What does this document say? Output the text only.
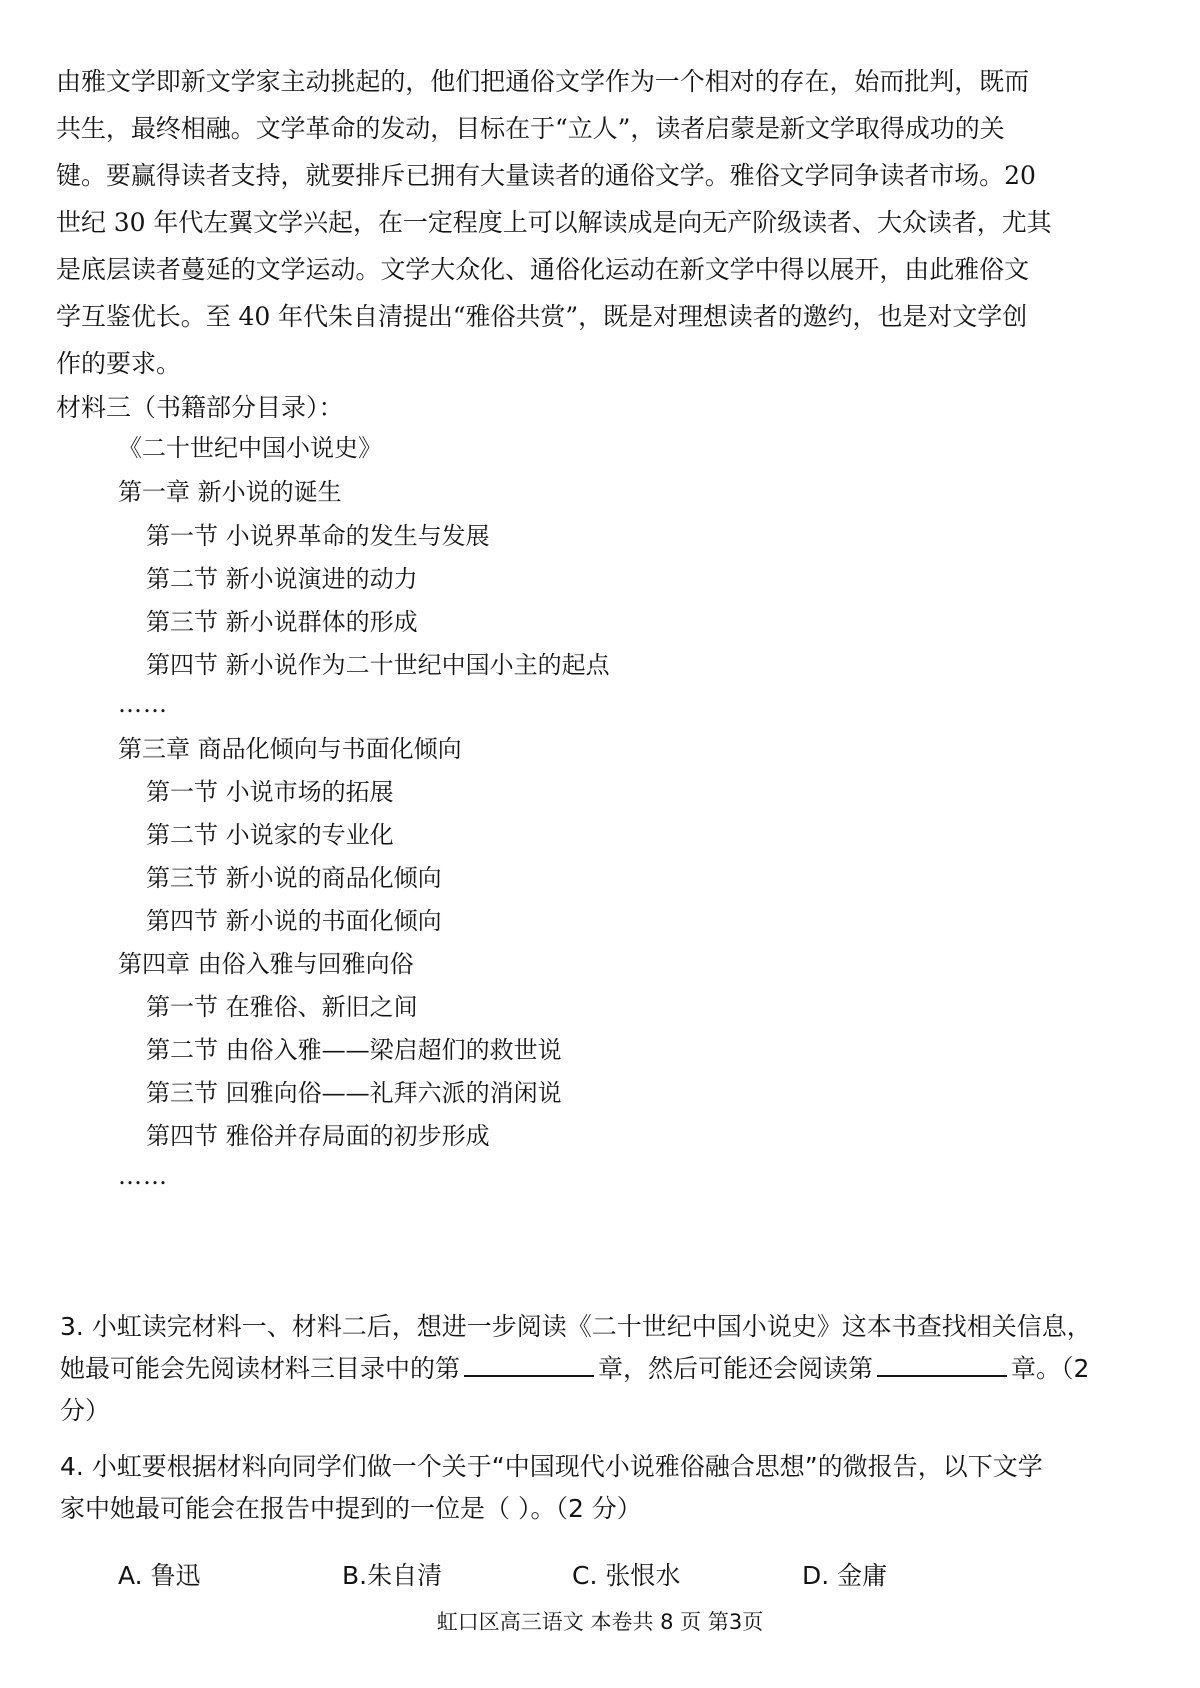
由雅文学即新文学家主动挑起的，他们把通俗文学作为一个相对的存在，始而批判，既而
共生，最终相融。文学革命的发动，目标在于“立人”，读者启蒙是新文学取得成功的关
键。要赢得读者支持，就要排斥已拥有大量读者的通俗文学。雅俗文学同争读者市场。20
世纪 30 年代左翼文学兴起，在一定程度上可以解读成是向无产阶级读者、大众读者，尤其
是底层读者蔓延的文学运动。文学大众化、通俗化运动在新文学中得以展开，由此雅俗文
学互鉴优长。至 40 年代朱自清提出“雅俗共赏”，既是对理想读者的邀约，也是对文学创
作的要求。
材料三（书籍部分目录）：
《二十世纪中国小说史》
第一章 新小说的诞生
第一节 小说界革命的发生与发展
第二节 新小说演进的动力
第三节 新小说群体的形成
第四节 新小说作为二十世纪中国小主的起点
……
第三章 商品化倾向与书面化倾向
第一节 小说市场的拓展
第二节 小说家的专业化
第三节 新小说的商品化倾向
第四节 新小说的书面化倾向
第四章 由俗入雅与回雅向俗
第一节 在雅俗、新旧之间
第二节 由俗入雅——梁启超们的救世说
第三节 回雅向俗——礼拜六派的消闲说
第四节 雅俗并存局面的初步形成
……
3. 小虹读完材料一、材料二后，想进一步阅读《二十世纪中国小说史》这本书查找相关信息，
她最可能会先阅读材料三目录中的第	章，然后可能还会阅读第	章。（2
分）
4. 小虹要根据材料向同学们做一个关于“中国现代小说雅俗融合思想”的微报告，以下文学
家中她最可能会在报告中提到的一位是（ ）。（2 分）
A. 鲁迅	B.朱自清	C. 张恨水	D. 金庸
虹口区高三语文 本卷共 8 页 第3页
